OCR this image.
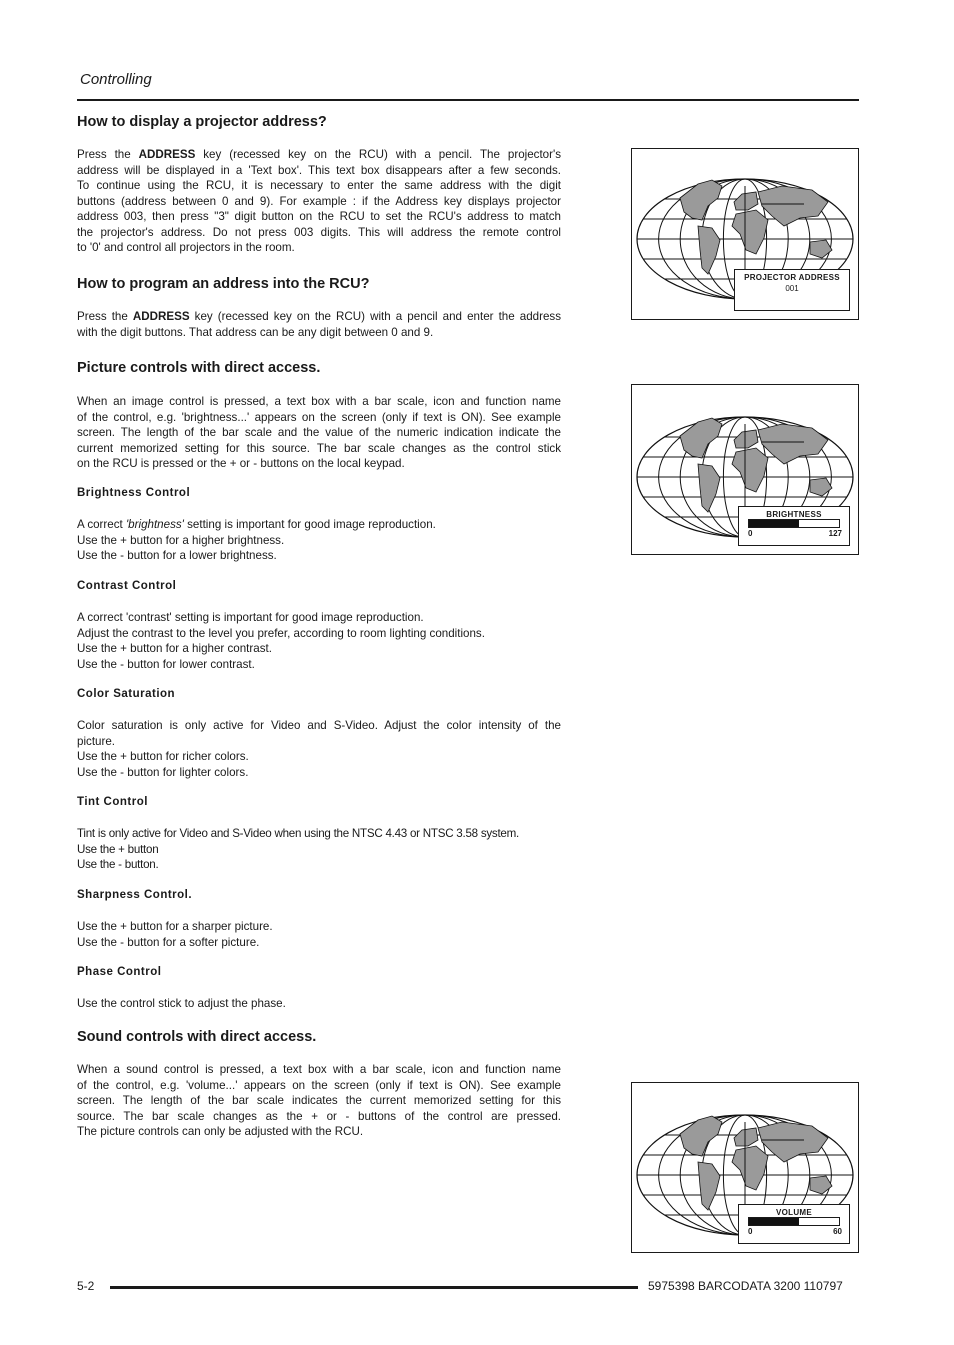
Controlling
How to display a projector address?
Press the ADDRESS key (recessed key on the RCU) with a pencil. The projector's
address will be displayed in a 'Text box'. This text box disappears after a few seconds.
To continue using the RCU, it is necessary to enter the same address with the digit
buttons (address between 0 and 9). For example : if the Address key displays projector
address 003, then press "3" digit button on the RCU to set the RCU's address to match
the projector's address. Do not press 003 digits. This will address the remote control
to '0' and control all projectors in the room.
How to program an address into the RCU?
Press the ADDRESS key (recessed key on the RCU) with a pencil and enter the address
with the digit buttons. That address can be any digit between 0 and 9.
Picture controls with direct access.
When an image control is pressed, a text box with a bar scale, icon and function name
of the control, e.g. 'brightness...' appears on the screen (only if text is ON). See example
screen. The length of the bar scale and the value of the numeric indication indicate the
current memorized setting for this source. The bar scale changes as the control stick
on the RCU is pressed or the + or - buttons on the local keypad.
Brightness Control
A correct 'brightness' setting is important for good image reproduction.
Use the + button for a higher brightness.
Use the - button for a lower brightness.
Contrast Control
A correct 'contrast' setting is important for good image reproduction.
Adjust the contrast to the level you prefer, according to room lighting conditions.
Use the + button for a higher contrast.
Use the - button for lower contrast.
Color Saturation
Color saturation is only active for Video and S-Video. Adjust the color intensity of the
picture.
Use the + button for richer colors.
Use the - button for lighter colors.
Tint Control
Tint is only active for Video and S-Video when using the NTSC 4.43 or NTSC 3.58 system.
Use the + button
Use the - button.
Sharpness Control.
Use the + button for a sharper picture.
Use the - button for a softer picture.
Phase Control
Use the control stick to adjust the phase.
Sound controls with direct access.
When a sound control is pressed, a text box with a bar scale, icon and function name
of the control, e.g. 'volume...' appears on the screen (only if text is ON). See example
screen. The length of the bar scale indicates the current memorized setting for this
source. The bar scale changes as the + or - buttons of the control are pressed.
The picture controls can only be adjusted with the RCU.
PROJECTOR ADDRESS
001
BRIGHTNESS
0	127
VOLUME
0	60
5-2	5975398 BARCODATA 3200 110797
